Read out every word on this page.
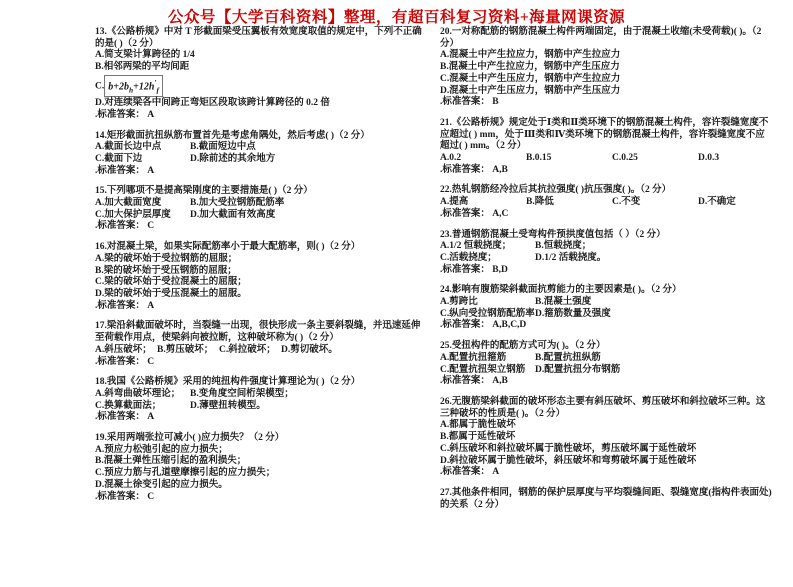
公众号【大学百科资料】整理，有超百科复习资料+海量网课资源
13.《公路桥规》中对 T 形截面梁受压翼板有效宽度取值的规定中，下列不正确的是( )（2 分）
A.简支梁计算跨径的 1/4
B.相邻两梁的平均间距
C. $b+2b_h+12h'_f$
D.对连续梁各中间跨正弯矩区段取该跨计算跨径的 0.2 倍
.标准答案： A
14.矩形截面抗扭纵筋布置首先是考虑角隅处，然后考虑( )（2 分）
A.截面长边中点	B.截面短边中点
C.截面下边	D.除前述的其余地方
.标准答案： A
15.下列哪项不是提高梁刚度的主要措施是( )（2 分）
A.加大截面宽度	B.加大受拉钢筋配筋率
C.加大保护层厚度 D.加大截面有效高度
.标准答案： C
16.对混凝土梁，如果实际配筋率小于最大配筋率，则( )（2 分）
A.梁的破坏始于受拉钢筋的屈服；
B.梁的破坏始于受压钢筋的屈服；
C.梁的破坏始于受拉混凝土的屈服；
D.梁的破坏始于受压混凝土的屈服。
.标准答案： A
17.梁沿斜截面破坏时，当裂缝一出现，很快形成一条主要斜裂缝，并迅速延伸至荷载作用点，使梁斜向被拉断，这种破坏称为( )（2 分）
A.斜压破坏； B.剪压破坏； C.斜拉破坏； D.剪切破坏。
.标准答案： C
18.我国《公路桥规》采用的纯扭构件强度计算理论为( )（2 分）
A.斜弯曲破坏理论； B.变角度空间桁架模型；
C.换算截面法；	D.薄壁扭转模型。
.标准答案： A
19.采用两端张拉可减小( )应力损失？（2 分）
A.预应力松弛引起的应力损失；
B.混凝土弹性压缩引起的盈利损失；
C.预应力筋与孔道壁摩擦引起的应力损失；
D.混凝土徐变引起的应力损失。
.标准答案： C
20.一对称配筋的钢筋混凝土构件两端固定，由于混凝土收缩(未受荷载)( )。（2 分）
A.混凝土中产生拉应力，钢筋中产生拉应力
B.混凝土中产生拉应力，钢筋中产生压应力
C.混凝土中产生压应力，钢筋中产生拉应力
D.混凝土中产生压应力，钢筋中产生压应力
.标准答案： B
21.《公路桥规》规定处于Ⅰ类和Ⅱ类环境下的钢筋混凝土构件，容许裂缝宽度不应超过( ) mm，处于Ⅲ类和Ⅳ类环境下的钢筋混凝土构件，容许裂缝宽度不应超过( ) mm。（2 分）
A.0.2	B.0.15	C.0.25	D.0.3
.标准答案： A,B
22.热轧钢筋经冷拉后其抗拉强度( )抗压强度( )。（2 分）
A.提高	B.降低	C.不变	D.不确定
.标准答案： A,C
23.普通钢筋混凝土受弯构件预拱度值包括（ ）（2 分）
A.1/2 恒载挠度； B.恒载挠度；
C.活载挠度；	D.1/2 活载挠度。
.标准答案： B,D
24.影响有腹筋梁斜截面抗剪能力的主要因素是( )。（2 分）
A.剪跨比	B.混凝土强度
C.纵向受拉钢筋配筋率D.箍筋数量及强度
.标准答案： A,B,C,D
25.受扭构件的配筋方式可为( )。（2 分）
A.配置抗扭箍筋	B.配置抗扭纵筋
C.配置抗扭架立钢筋 D.配置抗扭分布钢筋
.标准答案： A,B
26.无腹筋梁斜截面的破坏形态主要有斜压破坏、剪压破坏和斜拉破坏三种。这三种破坏的性质是( )。（2 分）
A.都属于脆性破坏
B.都属于延性破坏
C.斜压破坏和斜拉破坏属于脆性破坏，剪压破坏属于延性破坏
D.斜拉破坏属于脆性破坏，斜压破坏和弯剪破坏属于延性破坏
.标准答案： A
27.其他条件相同，钢筋的保护层厚度与平均裂缝间距、裂缝宽度(指构件表面处)的关系（2 分）
